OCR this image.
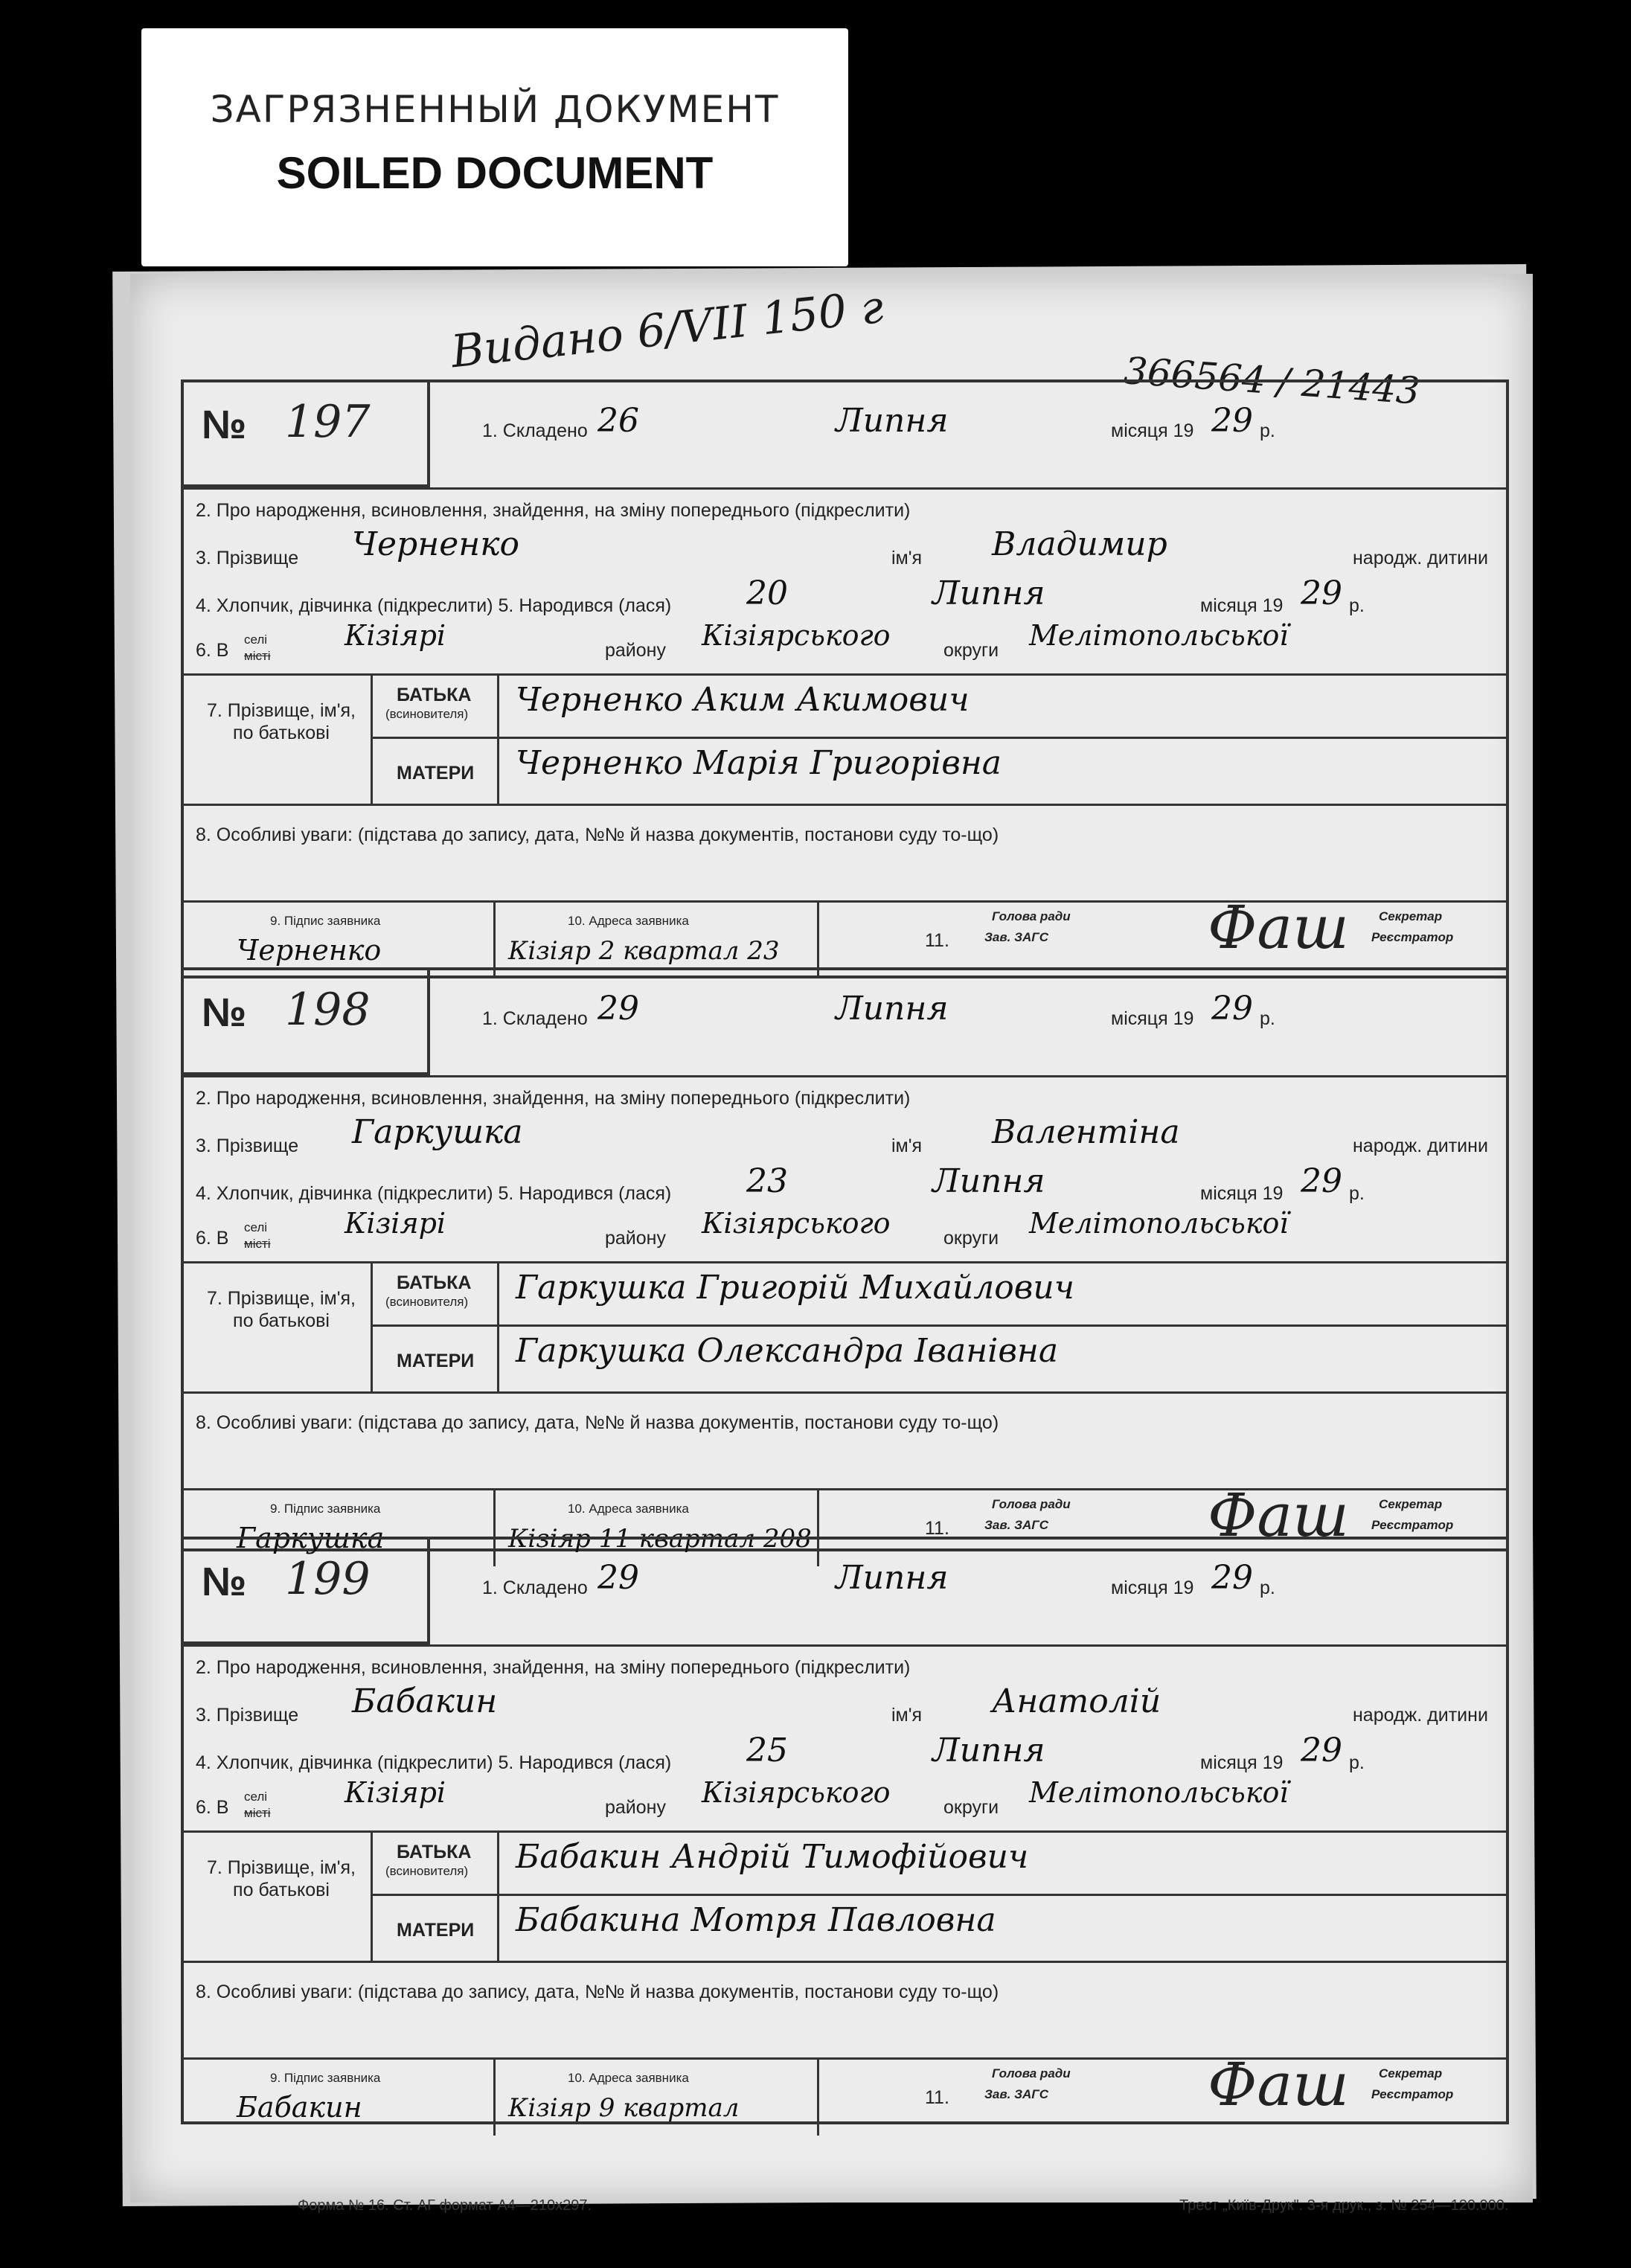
ЗАГРЯЗНЕННЫЙ ДОКУМЕНТ
SOILED DOCUMENT
Видано 6/VII 150 г
366564 / 21443
№ 197	1. Складено 26	Липня	місяця 19 29 р.
2. Про народження, всиновлення, знайдення, на зміну попереднього (підкреслити)
3. Прізвище Черненко	ім'я Владимир	народж. дитини
4. Хлопчик, дівчинка (підкреслити) 5. Народився (лася) 20	Липня	місяця 19 29 р.
6. В
селі
місті
Кізіярі	району Кізіярського	округи Мелітопольської
7. Прізвище, ім'я, по батькові
БАТЬКА
(всиновителя) Черненко Аким Акимович
МАТЕРИ Черненко Марія Григорівна
8. Особливі уваги: (підстава до запису, дата, №№ й назва документів, постанови суду то-що)
9. Підпис заявника
Черненко
10. Адреса заявника
Кізіяр 2 квартал 23	11.
Голова ради
Зав. ЗАГС	Фаш Секретар
Реєстратор
№ 198	1. Складено 29	Липня	місяця 19 29 р.
2. Про народження, всиновлення, знайдення, на зміну попереднього (підкреслити)
3. Прізвище Гаркушка	ім'я Валентіна	народж. дитини
4. Хлопчик, дівчинка (підкреслити) 5. Народився (лася) 23	Липня	місяця 19 29 р.
6. В
селі
місті
Кізіярі	району Кізіярського	округи Мелітопольської
7. Прізвище, ім'я, по батькові
БАТЬКА
(всиновителя) Гаркушка Григорій Михайлович
МАТЕРИ Гаркушка Олександра Іванівна
8. Особливі уваги: (підстава до запису, дата, №№ й назва документів, постанови суду то-що)
9. Підпис заявника
Гаркушка
10. Адреса заявника
Кізіяр 11 квартал 208	11.
Голова ради
Зав. ЗАГС	Фаш Секретар
Реєстратор
№ 199	1. Складено 29	Липня	місяця 19 29 р.
2. Про народження, всиновлення, знайдення, на зміну попереднього (підкреслити)
3. Прізвище Бабакин	ім'я Анатолій	народж. дитини
4. Хлопчик, дівчинка (підкреслити) 5. Народився (лася) 25	Липня	місяця 19 29 р.
6. В
селі
місті
Кізіярі	району Кізіярського	округи Мелітопольської
7. Прізвище, ім'я, по батькові
БАТЬКА
(всиновителя) Бабакин Андрій Тимофійович
МАТЕРИ Бабакина Мотря Павловна
8. Особливі уваги: (підстава до запису, дата, №№ й назва документів, постанови суду то-що)
9. Підпис заявника
Бабакин
10. Адреса заявника
Кізіяр 9 квартал	11.
Голова ради
Зав. ЗАГС	Фаш Секретар
Реєстратор
Форма № 16. Ст. АГ формат А4—210х297.	Трест „Київ-Друк". 3-я друк., з. № 254—120.000.
